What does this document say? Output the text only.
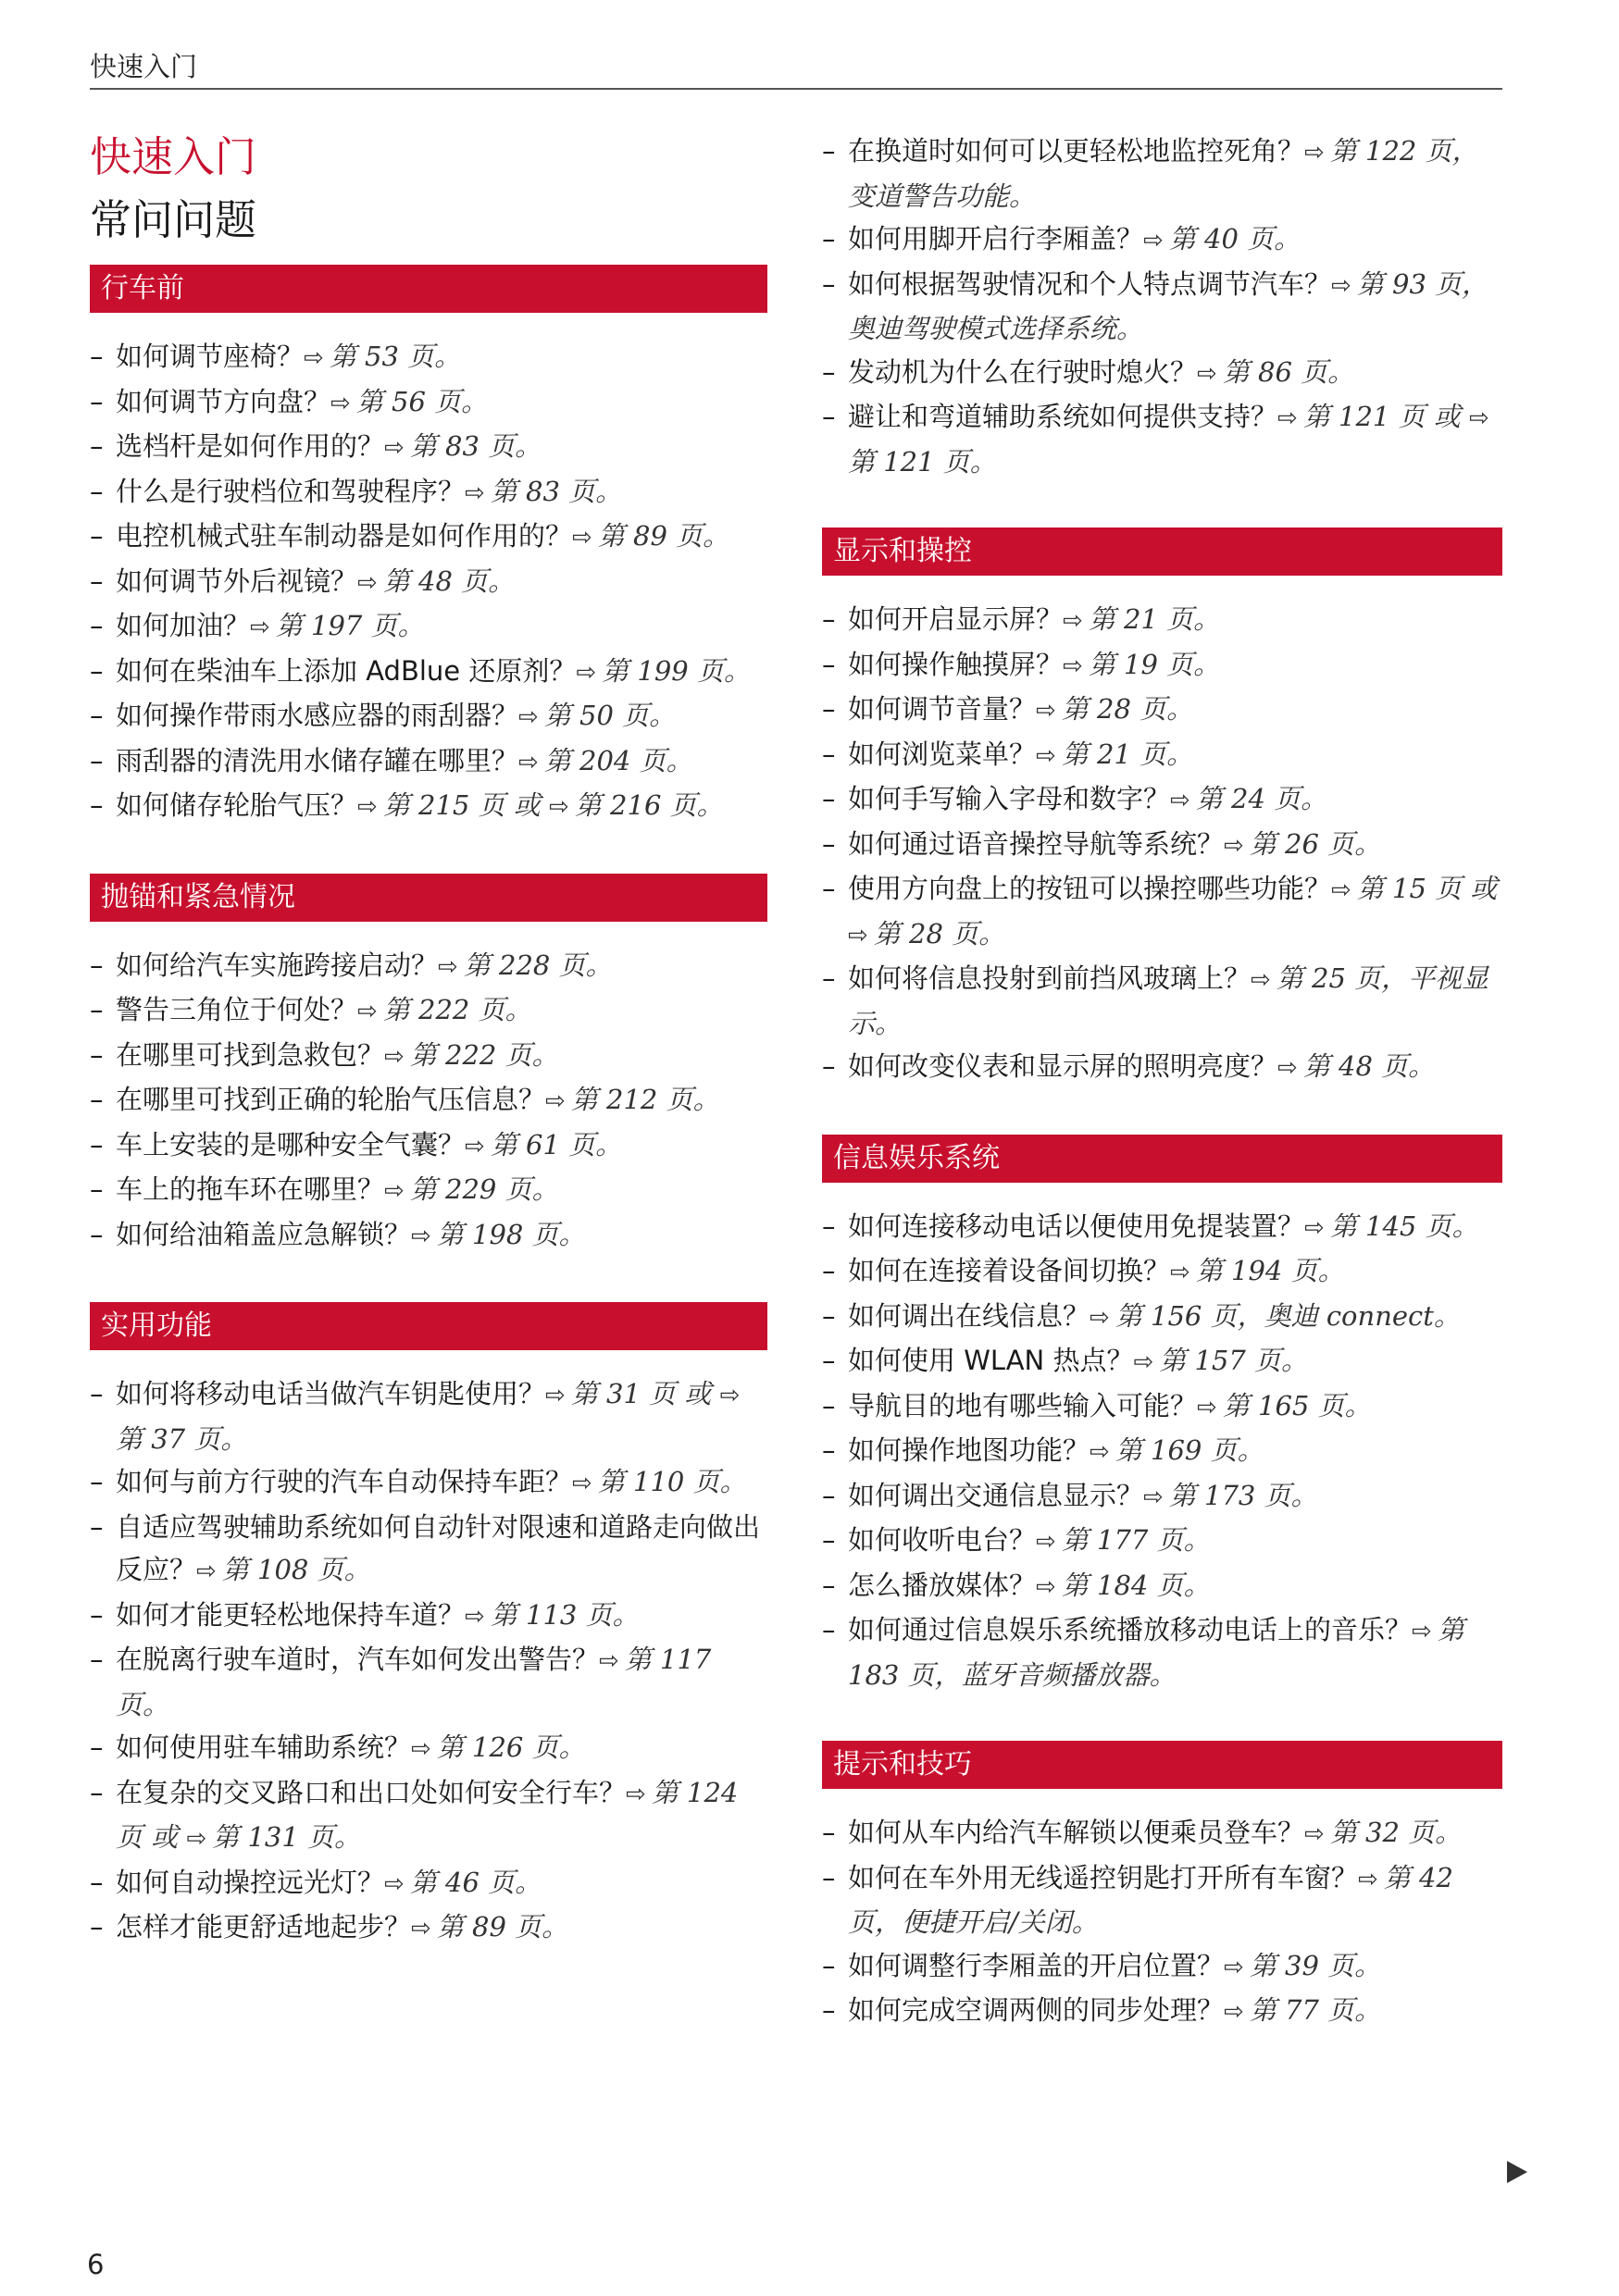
快速入门
快速入门
常问问题
行车前
– 如何调节座椅？⇨ 第 53 页。
– 如何调节方向盘？⇨ 第 56 页。
– 选档杆是如何作用的？⇨ 第 83 页。
– 什么是行驶档位和驾驶程序？⇨ 第 83 页。
– 电控机械式驻车制动器是如何作用的？⇨ 第 89 页。
– 如何调节外后视镜？⇨ 第 48 页。
– 如何加油？⇨ 第 197 页。
– 如何在柴油车上添加 AdBlue 还原剂？⇨ 第 199 页。
– 如何操作带雨水感应器的雨刮器？⇨ 第 50 页。
– 雨刮器的清洗用水储存罐在哪里？⇨ 第 204 页。
– 如何储存轮胎气压？⇨ 第 215 页 或 ⇨ 第 216 页。
抛锚和紧急情况
– 如何给汽车实施跨接启动？⇨ 第 228 页。
– 警告三角位于何处？⇨ 第 222 页。
– 在哪里可找到急救包？⇨ 第 222 页。
– 在哪里可找到正确的轮胎气压信息？⇨ 第 212 页。
– 车上安装的是哪种安全气囊？⇨ 第 61 页。
– 车上的拖车环在哪里？⇨ 第 229 页。
– 如何给油箱盖应急解锁？⇨ 第 198 页。
实用功能
– 如何将移动电话当做汽车钥匙使用？⇨ 第 31 页 或 ⇨第 37 页。
– 如何与前方行驶的汽车自动保持车距？⇨ 第 110 页。
– 自适应驾驶辅助系统如何自动针对限速和道路走向做出反应？⇨ 第 108 页。
– 如何才能更轻松地保持车道？⇨ 第 113 页。
– 在脱离行驶车道时，汽车如何发出警告？⇨ 第 117 页。
– 如何使用驻车辅助系统？⇨ 第 126 页。
– 在复杂的交叉路口和出口处如何安全行车？⇨ 第 124 页 或 ⇨ 第 131 页。
– 如何自动操控远光灯？⇨ 第 46 页。
– 怎样才能更舒适地起步？⇨ 第 89 页。
– 在换道时如何可以更轻松地监控死角？⇨ 第 122 页，变道警告功能。
– 如何用脚开启行李厢盖？⇨ 第 40 页。
– 如何根据驾驶情况和个人特点调节汽车？⇨ 第 93 页，奥迪驾驶模式选择系统。
– 发动机为什么在行驶时熄火？⇨ 第 86 页。
– 避让和弯道辅助系统如何提供支持？⇨ 第 121 页 或 ⇨第 121 页。
显示和操控
– 如何开启显示屏？⇨ 第 21 页。
– 如何操作触摸屏？⇨ 第 19 页。
– 如何调节音量？⇨ 第 28 页。
– 如何浏览菜单？⇨ 第 21 页。
– 如何手写输入字母和数字？⇨ 第 24 页。
– 如何通过语音操控导航等系统？⇨ 第 26 页。
– 使用方向盘上的按钮可以操控哪些功能？⇨ 第 15 页 或 ⇨ 第 28 页。
– 如何将信息投射到前挡风玻璃上？⇨ 第 25 页，平视显示。
– 如何改变仪表和显示屏的照明亮度？⇨ 第 48 页。
信息娱乐系统
– 如何连接移动电话以便使用免提装置？⇨ 第 145 页。
– 如何在连接着设备间切换？⇨ 第 194 页。
– 如何调出在线信息？⇨ 第 156 页，奥迪 connect。
– 如何使用 WLAN 热点？⇨ 第 157 页。
– 导航目的地有哪些输入可能？⇨ 第 165 页。
– 如何操作地图功能？⇨ 第 169 页。
– 如何调出交通信息显示？⇨ 第 173 页。
– 如何收听电台？⇨ 第 177 页。
– 怎么播放媒体？⇨ 第 184 页。
– 如何通过信息娱乐系统播放移动电话上的音乐？⇨ 第 183 页，蓝牙音频播放器。
提示和技巧
– 如何从车内给汽车解锁以便乘员登车？⇨ 第 32 页。
– 如何在车外用无线遥控钥匙打开所有车窗？⇨ 第 42 页，便捷开启/关闭。
– 如何调整行李厢盖的开启位置？⇨ 第 39 页。
– 如何完成空调两侧的同步处理？⇨ 第 77 页。
6
